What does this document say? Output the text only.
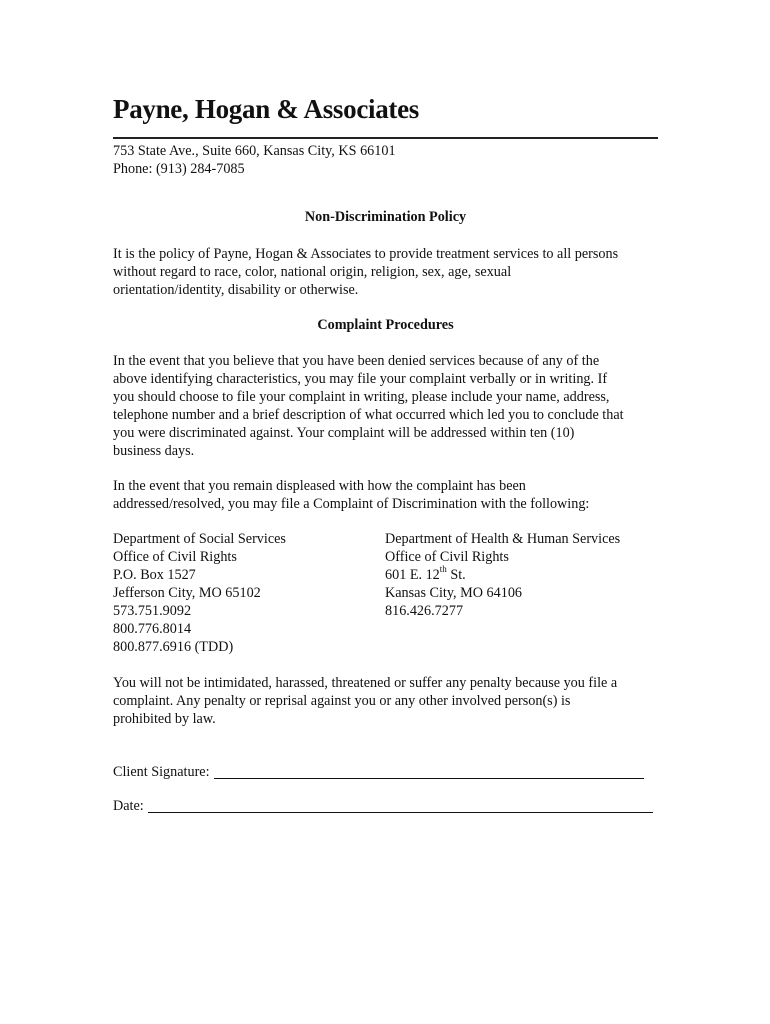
Payne, Hogan & Associates
753 State Ave., Suite 660, Kansas City, KS 66101
Phone: (913) 284-7085
Non-Discrimination Policy
It is the policy of Payne, Hogan & Associates to provide treatment services to all persons
without regard to race, color, national origin, religion, sex, age, sexual
orientation/identity, disability or otherwise.
Complaint Procedures
In the event that you believe that you have been denied services because of any of the
above identifying characteristics, you may file your complaint verbally or in writing. If
you should choose to file your complaint in writing, please include your name, address,
telephone number and a brief description of what occurred which led you to conclude that
you were discriminated against. Your complaint will be addressed within ten (10)
business days.
In the event that you remain displeased with how the complaint has been
addressed/resolved, you may file a Complaint of Discrimination with the following:
Department of Social Services
Office of Civil Rights
P.O. Box 1527
Jefferson City, MO 65102
573.751.9092
800.776.8014
800.877.6916 (TDD)
Department of Health & Human Services
Office of Civil Rights
601 E. 12th St.
Kansas City, MO 64106
816.426.7277
You will not be intimidated, harassed, threatened or suffer any penalty because you file a
complaint. Any penalty or reprisal against you or any other involved person(s) is
prohibited by law.
Client Signature:
Date:
